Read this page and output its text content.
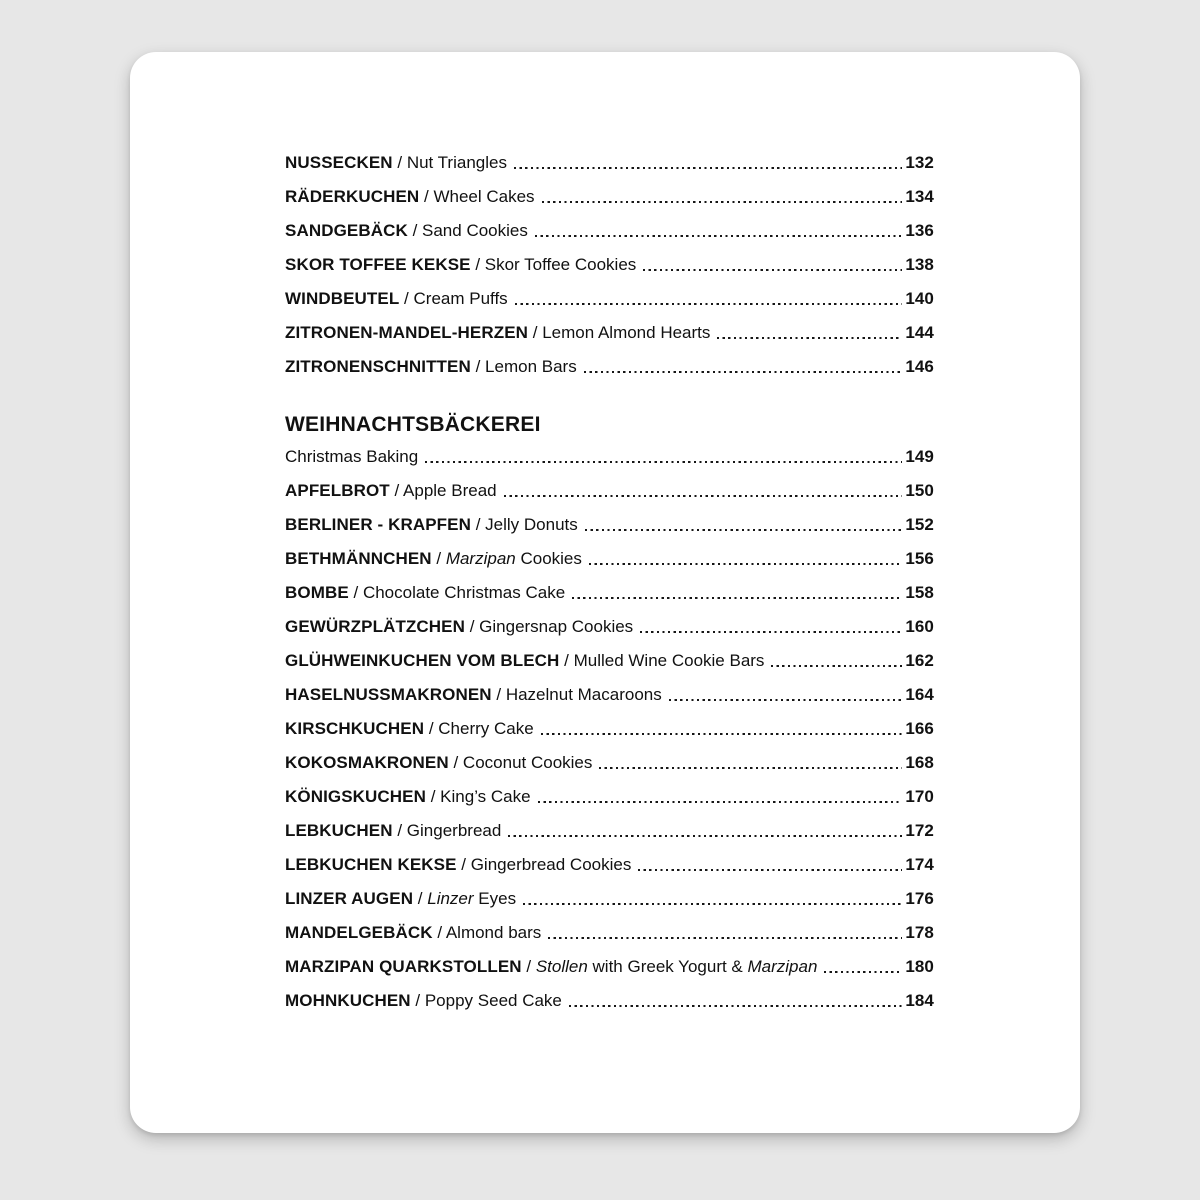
NUSSECKEN / Nut Triangles	132
RÄDERKUCHEN / Wheel Cakes	134
SANDGEBÄCK / Sand Cookies	136
SKOR TOFFEE KEKSE / Skor Toffee Cookies	138
WINDBEUTEL / Cream Puffs	140
ZITRONEN-MANDEL-HERZEN / Lemon Almond Hearts	144
ZITRONENSCHNITTEN / Lemon Bars	146
WEIHNACHTSBÄCKEREI
Christmas Baking	149
APFELBROT / Apple Bread	150
BERLINER - KRAPFEN / Jelly Donuts	152
BETHMÄNNCHEN / Marzipan Cookies	156
BOMBE / Chocolate Christmas Cake	158
GEWÜRZPLÄTZCHEN / Gingersnap Cookies	160
GLÜHWEINKUCHEN VOM BLECH / Mulled Wine Cookie Bars	162
HASELNUSSMAKRONEN / Hazelnut Macaroons	164
KIRSCHKUCHEN / Cherry Cake	166
KOKOSMAKRONEN / Coconut Cookies	168
KÖNIGSKUCHEN / King’s Cake	170
LEBKUCHEN / Gingerbread	172
LEBKUCHEN KEKSE / Gingerbread Cookies	174
LINZER AUGEN / Linzer Eyes	176
MANDELGEBÄCK / Almond bars	178
MARZIPAN QUARKSTOLLEN / Stollen with Greek Yogurt & Marzipan	180
MOHNKUCHEN / Poppy Seed Cake	184
